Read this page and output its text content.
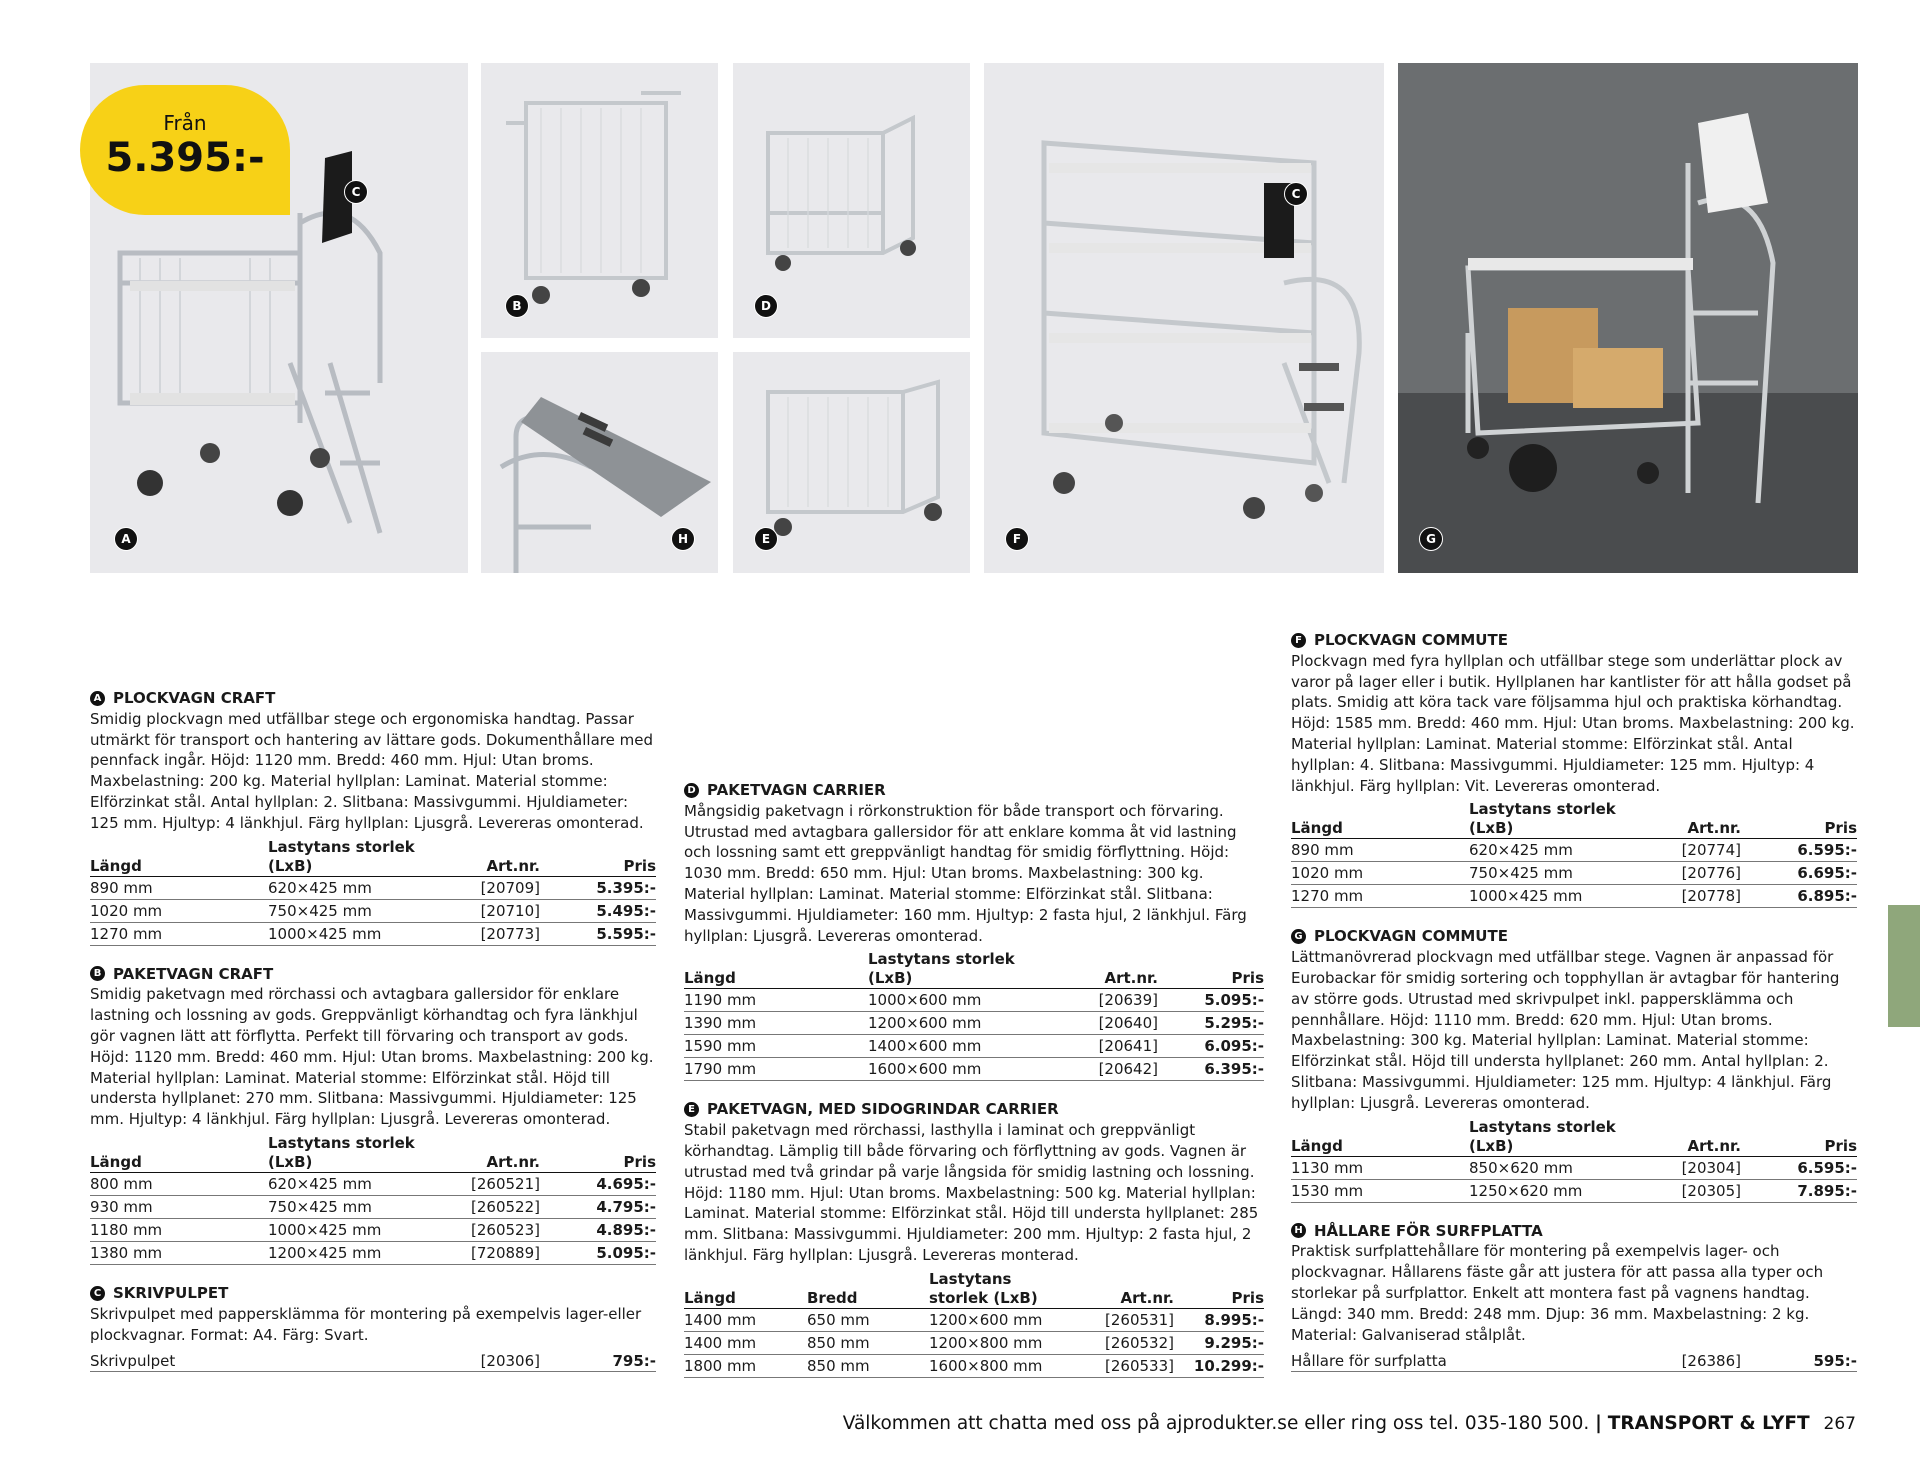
A
C
Från
5.395:-
B	D
H	E	F
C
G
A PLOCKVAGN CRAFT

Smidig plockvagn med utfällbar stege och ergonomiska handtag. Passar utmärkt för transport och hantering av lättare gods. Dokumenthållare med pennfack ingår. Höjd: 1120 mm. Bredd: 460 mm. Hjul: Utan broms. Maxbelastning: 200 kg. Material hyllplan: Laminat. Material stomme: Elförzinkat stål. Antal hyllplan: 2. Slitbana: Massivgummi. Hjuldiameter: 125 mm. Hjultyp: 4 länkhjul. Färg hyllplan: Ljusgrå. Levereras omonterad.

Längd	Lastytans storlek (LxB)	Art.nr.	Pris
890 mm	620×425 mm	[20709]	5.395:-
1020 mm	750×425 mm	[20710]	5.495:-
1270 mm	1000×425 mm	[20773]	5.595:-
B PAKETVAGN CRAFT

Smidig paketvagn med rörchassi och avtagbara gallersidor för enklare lastning och lossning av gods. Greppvänligt körhandtag och fyra länkhjul gör vagnen lätt att förflytta. Perfekt till förvaring och transport av gods. Höjd: 1120 mm. Bredd: 460 mm. Hjul: Utan broms. Maxbelastning: 200 kg. Material hyllplan: Laminat. Material stomme: Elförzinkat stål. Höjd till understa hyllplanet: 270 mm. Slitbana: Massivgummi. Hjuldiameter: 125 mm. Hjultyp: 4 länkhjul. Färg hyllplan: Ljusgrå. Levereras omonterad.

Längd	Lastytans storlek (LxB)	Art.nr.	Pris
800 mm	620×425 mm	[260521]	4.695:-
930 mm	750×425 mm	[260522]	4.795:-
1180 mm	1000×425 mm	[260523]	4.895:-
1380 mm	1200×425 mm	[720889]	5.095:-
C SKRIVPULPET

Skrivpulpet med pappersklämma för montering på exempelvis lager-eller plockvagnar. Format: A4. Färg: Svart.

Skrivpulpet	[20306]	795:-
D PAKETVAGN CARRIER

Mångsidig paketvagn i rörkonstruktion för både transport och förvaring. Utrustad med avtagbara gallersidor för att enklare komma åt vid lastning och lossning samt ett greppvänligt handtag för smidig förflyttning. Höjd: 1030 mm. Bredd: 650 mm. Hjul: Utan broms. Maxbelastning: 300 kg. Material hyllplan: Laminat. Material stomme: Elförzinkat stål. Slitbana: Massivgummi. Hjuldiameter: 160 mm. Hjultyp: 2 fasta hjul, 2 länkhjul. Färg hyllplan: Ljusgrå. Levereras omonterad.

Längd	Lastytans storlek (LxB)	Art.nr.	Pris
1190 mm	1000×600 mm	[20639]	5.095:-
1390 mm	1200×600 mm	[20640]	5.295:-
1590 mm	1400×600 mm	[20641]	6.095:-
1790 mm	1600×600 mm	[20642]	6.395:-
E PAKETVAGN, MED SIDOGRINDAR CARRIER

Stabil paketvagn med rörchassi, lasthylla i laminat och greppvänligt körhandtag. Lämplig till både förvaring och förflyttning av gods. Vagnen är utrustad med två grindar på varje långsida för smidig lastning och lossning. Höjd: 1180 mm. Hjul: Utan broms. Maxbelastning: 500 kg. Material hyllplan: Laminat. Material stomme: Elförzinkat stål. Höjd till understa hyllplanet: 285 mm. Slitbana: Massivgummi. Hjuldiameter: 200 mm. Hjultyp: 2 fasta hjul, 2 länkhjul. Färg hyllplan: Ljusgrå. Levereras monterad.

Längd	Bredd	Lastytans storlek (LxB)	Art.nr.	Pris
1400 mm	650 mm	1200×600 mm	[260531]	8.995:-
1400 mm	850 mm	1200×800 mm	[260532]	9.295:-
1800 mm	850 mm	1600×800 mm	[260533]	10.299:-
F PLOCKVAGN COMMUTE

Plockvagn med fyra hyllplan och utfällbar stege som underlättar plock av varor på lager eller i butik. Hyllplanen har kantlister för att hålla godset på plats. Smidig att köra tack vare följsamma hjul och praktiska körhandtag. Höjd: 1585 mm. Bredd: 460 mm. Hjul: Utan broms. Maxbelastning: 200 kg. Material hyllplan: Laminat. Material stomme: Elförzinkat stål. Antal hyllplan: 4. Slitbana: Massivgummi. Hjuldiameter: 125 mm. Hjultyp: 4 länkhjul. Färg hyllplan: Vit. Levereras omonterad.

Längd	Lastytans storlek (LxB)	Art.nr.	Pris
890 mm	620×425 mm	[20774]	6.595:-
1020 mm	750×425 mm	[20776]	6.695:-
1270 mm	1000×425 mm	[20778]	6.895:-
G PLOCKVAGN COMMUTE

Lättmanövrerad plockvagn med utfällbar stege. Vagnen är anpassad för Eurobackar för smidig sortering och topphyllan är avtagbar för hantering av större gods. Utrustad med skrivpulpet inkl. pappersklämma och pennhållare. Höjd: 1110 mm. Bredd: 620 mm. Hjul: Utan broms. Maxbelastning: 300 kg. Material hyllplan: Laminat. Material stomme: Elförzinkat stål. Höjd till understa hyllplanet: 260 mm. Antal hyllplan: 2. Slitbana: Massivgummi. Hjuldiameter: 125 mm. Hjultyp: 4 länkhjul. Färg hyllplan: Ljusgrå. Levereras omonterad.

Längd	Lastytans storlek (LxB)	Art.nr.	Pris
1130 mm	850×620 mm	[20304]	6.595:-
1530 mm	1250×620 mm	[20305]	7.895:-
H HÅLLARE FÖR SURFPLATTA

Praktisk surfplattehållare för montering på exempelvis lager- och plockvagnar. Hållarens fäste går att justera för att passa alla typer och storlekar på surfplattor. Enkelt att montera fast på vagnens handtag. Längd: 340 mm. Bredd: 248 mm. Djup: 36 mm. Maxbelastning: 2 kg. Material: Galvaniserad stålplåt.

Hållare för surfplatta	[26386]	595:-
Välkommen att chatta med oss på ajprodukter.se eller ring oss tel. 035-180 500. | TRANSPORT & LYFT 267
